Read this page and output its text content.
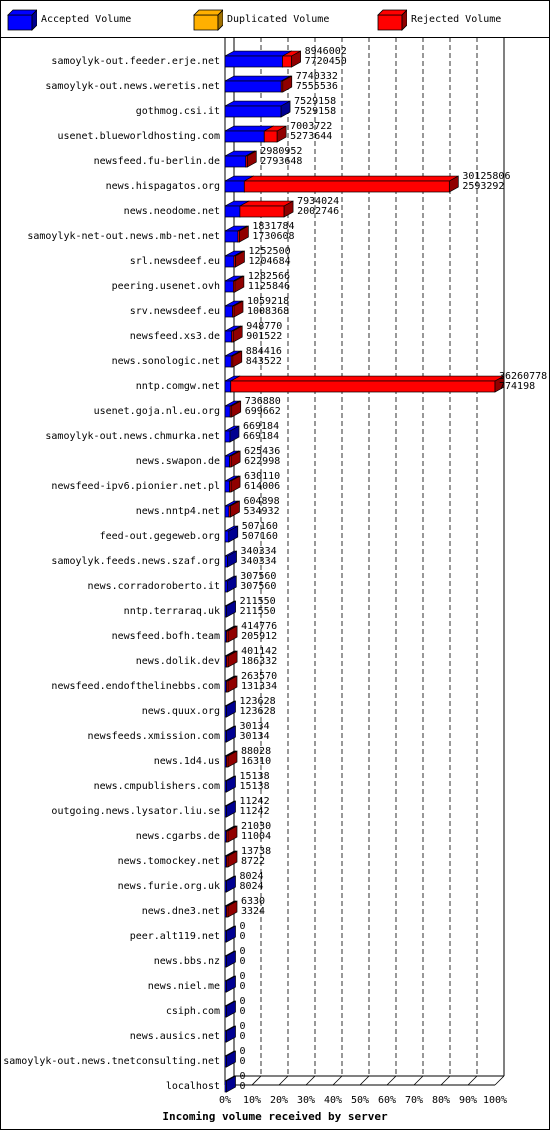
Accepted Volume	Duplicated Volume	Rejected Volume
0% 10% 20% 30% 40% 50% 60% 70% 80% 90% 100%
samoylyk-out.feeder.erje.net
8946002
7720450
samoylyk-out.news.weretis.net
7740332
7555536
gothmog.csi.it
7529158
7529158
usenet.blueworldhosting.com
7003722
5273644
newsfeed.fu-berlin.de
2980952
2793648
news.hispagatos.org
30125806
2593292
news.neodome.net
7934024
2002746
samoylyk-net-out.news.mb-net.net
1831784
1730608
srl.newsdeef.eu
1252500
1204684
peering.usenet.ovh
1282566
1125846
srv.newsdeef.eu
1059218
1008368
newsfeed.xs3.de
948770
901522
news.sonologic.net
884416
843522
nntp.comgw.net
36260778
774198
usenet.goja.nl.eu.org
736880
699662
samoylyk-out.news.chmurka.net
669184
669184
news.swapon.de
625436
622998
newsfeed-ipv6.pionier.net.pl
630110
614006
news.nntp4.net
604898
534932
feed-out.gegeweb.org
507160
507160
samoylyk.feeds.news.szaf.org
340334
340334
news.corradoroberto.it
307560
307560
nntp.terraraq.uk
211550
211550
newsfeed.bofh.team
414776
205912
news.dolik.dev
401142
186332
newsfeed.endofthelinebbs.com
263570
131334
news.quux.org
123628
123628
newsfeeds.xmission.com
30134
30134
news.1d4.us
88028
16310
news.cmpublishers.com
15138
15138
outgoing.news.lysator.liu.se
11242
11242
news.cgarbs.de
21030
11004
news.tomockey.net
13738
8722
news.furie.org.uk
8024
8024
news.dne3.net
6330
3324
peer.alt119.net
0
0
news.bbs.nz
0
0
news.niel.me
0
0
csiph.com
0
0
news.ausics.net
0
0
samoylyk-out.news.tnetconsulting.net
0
0
localhost
0
0
Incoming volume received by server
